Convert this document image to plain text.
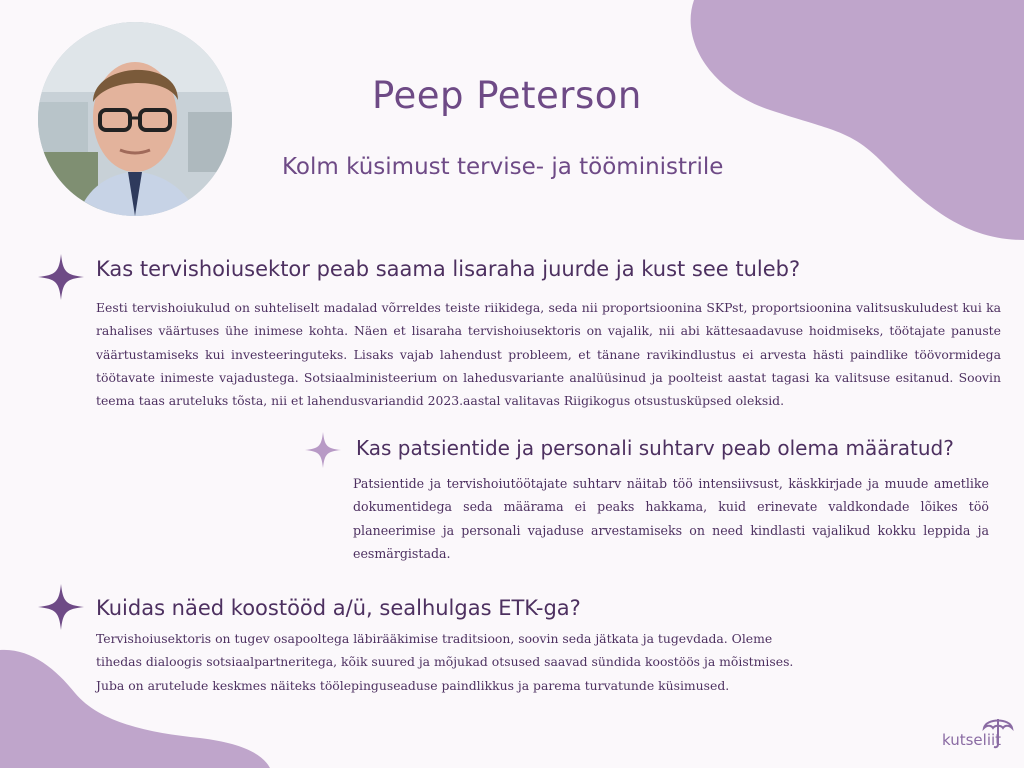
Peep Peterson
Kolm küsimust tervise- ja tööministrile
Kas tervishoiusektor peab saama lisaraha juurde ja kust see tuleb?

Eesti tervishoiukulud on suhteliselt madalad võrreldes teiste riikidega, seda nii proportsioonina SKPst, proportsioonina valitsuskuludest kui ka rahalises väärtuses ühe inimese kohta. Näen et lisaraha tervishoiusektoris on vajalik, nii abi kättesaadavuse hoidmiseks, töötajate panuste väärtustamiseks kui investeeringuteks. Lisaks vajab lahendust probleem, et tänane ravikindlustus ei arvesta hästi paindlike töövormidega töötavate inimeste vajadustega. Sotsiaalministeerium on lahedusvariante analüüsinud ja poolteist aastat tagasi ka valitsuse esitanud. Soovin teema taas aruteluks tõsta, nii et lahendusvariandid 2023.aastal valitavas Riigikogus otsustusküpsed oleksid.

Kas patsientide ja personali suhtarv peab olema määratud?

Patsientide ja tervishoiutöötajate suhtarv näitab töö intensiivsust, käskkirjade ja muude ametlike dokumentidega seda määrama ei peaks hakkama, kuid erinevate valdkondade lõikes töö planeerimise ja personali vajaduse arvestamiseks on need kindlasti vajalikud kokku leppida ja eesmärgistada.

Kuidas näed koostööd a/ü, sealhulgas ETK-ga?

Tervishoiusektoris on tugev osapooltega läbirääkimise traditsioon, soovin seda jätkata ja tugevdada. Oleme tihedas dialoogis sotsiaalpartneritega, kõik suured ja mõjukad otsused saavad sündida koostöös ja mõistmises. Juba on arutelude keskmes näiteks töölepinguseaduse paindlikkus ja parema turvatunde küsimused.

kutseliit
